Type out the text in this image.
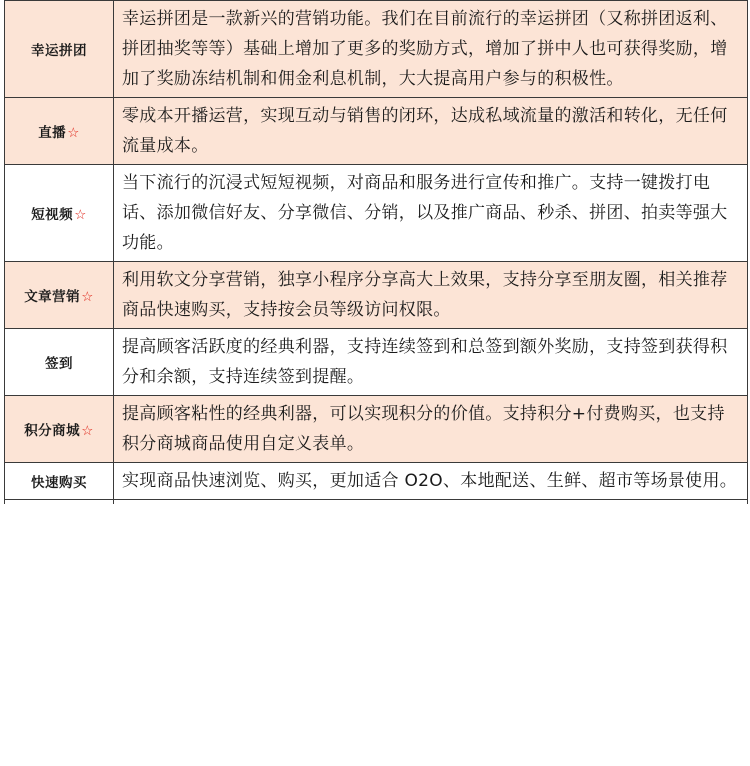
幸运拼团	幸运拼团是一款新兴的营销功能。我们在目前流行的幸运拼团（又称拼团返利、拼团抽奖等等）基础上增加了更多的奖励方式，增加了拼中人也可获得奖励，增加了奖励冻结机制和佣金利息机制，大大提高用户参与的积极性。
直播☆	零成本开播运营，实现互动与销售的闭环，达成私域流量的激活和转化，无任何流量成本。
短视频☆	当下流行的沉浸式短短视频，对商品和服务进行宣传和推广。支持一键拨打电话、添加微信好友、分享微信、分销，以及推广商品、秒杀、拼团、拍卖等强大功能。
文章营销☆	利用软文分享营销，独享小程序分享高大上效果，支持分享至朋友圈，相关推荐商品快速购买，支持按会员等级访问权限。
签到	提高顾客活跃度的经典利器，支持连续签到和总签到额外奖励，支持签到获得积分和余额，支持连续签到提醒。
积分商城☆	提高顾客粘性的经典利器，可以实现积分的价值。支持积分+付费购买，也支持积分商城商品使用自定义表单。
快速购买	实现商品快速浏览、购买，更加适合 O2O、本地配送、生鲜、超市等场景使用。
